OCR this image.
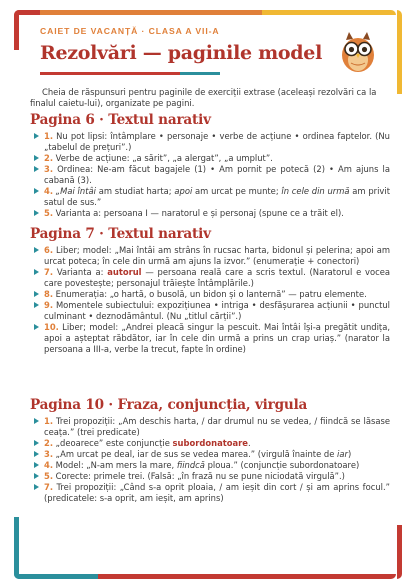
CAIET DE VACANȚĂ · CLASA A VII-A
Rezolvări — paginile model

Cheia de răspunsuri pentru paginile de exerciții extrase (aceleași rezolvări ca la finalul caietu-lui), organizate pe pagini.

Pagina 6 · Textul narativ
1. Nu pot lipsi: întâmplare • personaje • verbe de acțiune • ordinea faptelor. (Nu „tabelul de prețuri”.)
2. Verbe de acțiune: „a sărit”, „a alergat”, „a umplut”.
3. Ordinea: Ne-am făcut bagajele (1) • Am pornit pe potecă (2) • Am ajuns la cabană (3).
4. „Mai întâi am studiat harta; apoi am urcat pe munte; în cele din urmă am privit satul de sus.”
5. Varianta a: persoana I — naratorul e și personaj (spune ce a trăit el).
Pagina 7 · Textul narativ
6. Liber; model: „Mai întâi am strâns în rucsac harta, bidonul și pelerina; apoi am urcat poteca; în cele din urmă am ajuns la izvor.” (enumerație + conectori)
7. Varianta a: autorul — persoana reală care a scris textul. (Naratorul e vocea care povestește; personajul trăiește întâmplările.)
8. Enumerația: „o hartă, o busolă, un bidon și o lanternă” — patru elemente.
9. Momentele subiectului: expozițiunea • intriga • desfășurarea acțiunii • punctul culminant • deznodământul. (Nu „titlul cărții”.)
10. Liber; model: „Andrei pleacă singur la pescuit. Mai întâi își-a pregătit undița, apoi a așteptat răbdător, iar în cele din urmă a prins un crap uriaș.” (narator la persoana a III-a, verbe la trecut, fapte în ordine)
Pagina 10 · Fraza, conjuncția, virgula
1. Trei propoziții: „Am deschis harta, / dar drumul nu se vedea, / fiindcă se lăsase ceața.” (trei predicate)
2. „deoarece” este conjuncție subordonatoare.
3. „Am urcat pe deal, iar de sus se vedea marea.” (virgulă înainte de iar)
4. Model: „N-am mers la mare, fiindcă ploua.” (conjuncție subordonatoare)
5. Corecte: primele trei. (Falsă: „în frază nu se pune niciodată virgulă”.)
7. Trei propoziții: „Când s-a oprit ploaia, / am ieșit din cort / și am aprins focul.” (predicatele: s-a oprit, am ieșit, am aprins)
